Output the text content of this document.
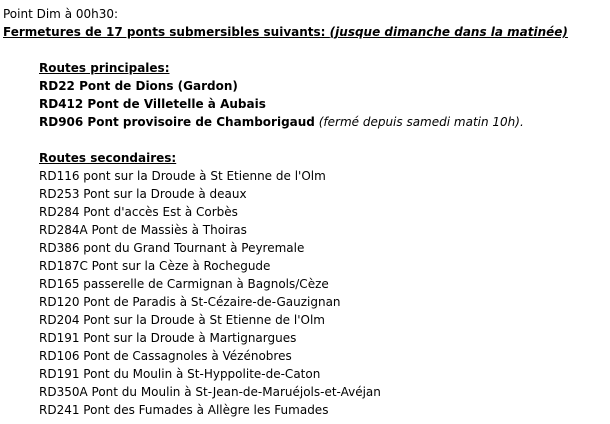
Point Dim à 00h30:
Fermetures de 17 ponts submersibles suivants: (jusque dimanche dans la matinée)
Routes principales:
RD22 Pont de Dions (Gardon)
RD412 Pont de Villetelle à Aubais
RD906 Pont provisoire de Chamborigaud (fermé depuis samedi matin 10h).
Routes secondaires:
RD116 pont sur la Droude à St Etienne de l'Olm
RD253 Pont sur la Droude à deaux
RD284 Pont d'accès Est à Corbès
RD284A Pont de Massiès à Thoiras
RD386 pont du Grand Tournant à Peyremale
RD187C Pont sur la Cèze à Rochegude
RD165 passerelle de Carmignan à Bagnols/Cèze
RD120 Pont de Paradis à St-Cézaire-de-Gauzignan
RD204 Pont sur la Droude à St Etienne de l'Olm
RD191 Pont sur la Droude à Martignargues
RD106 Pont de Cassagnoles à Vézénobres
RD191 Pont du Moulin à St-Hyppolite-de-Caton
RD350A Pont du Moulin à St-Jean-de-Maruéjols-et-Avéjan
RD241 Pont des Fumades à Allègre les Fumades
